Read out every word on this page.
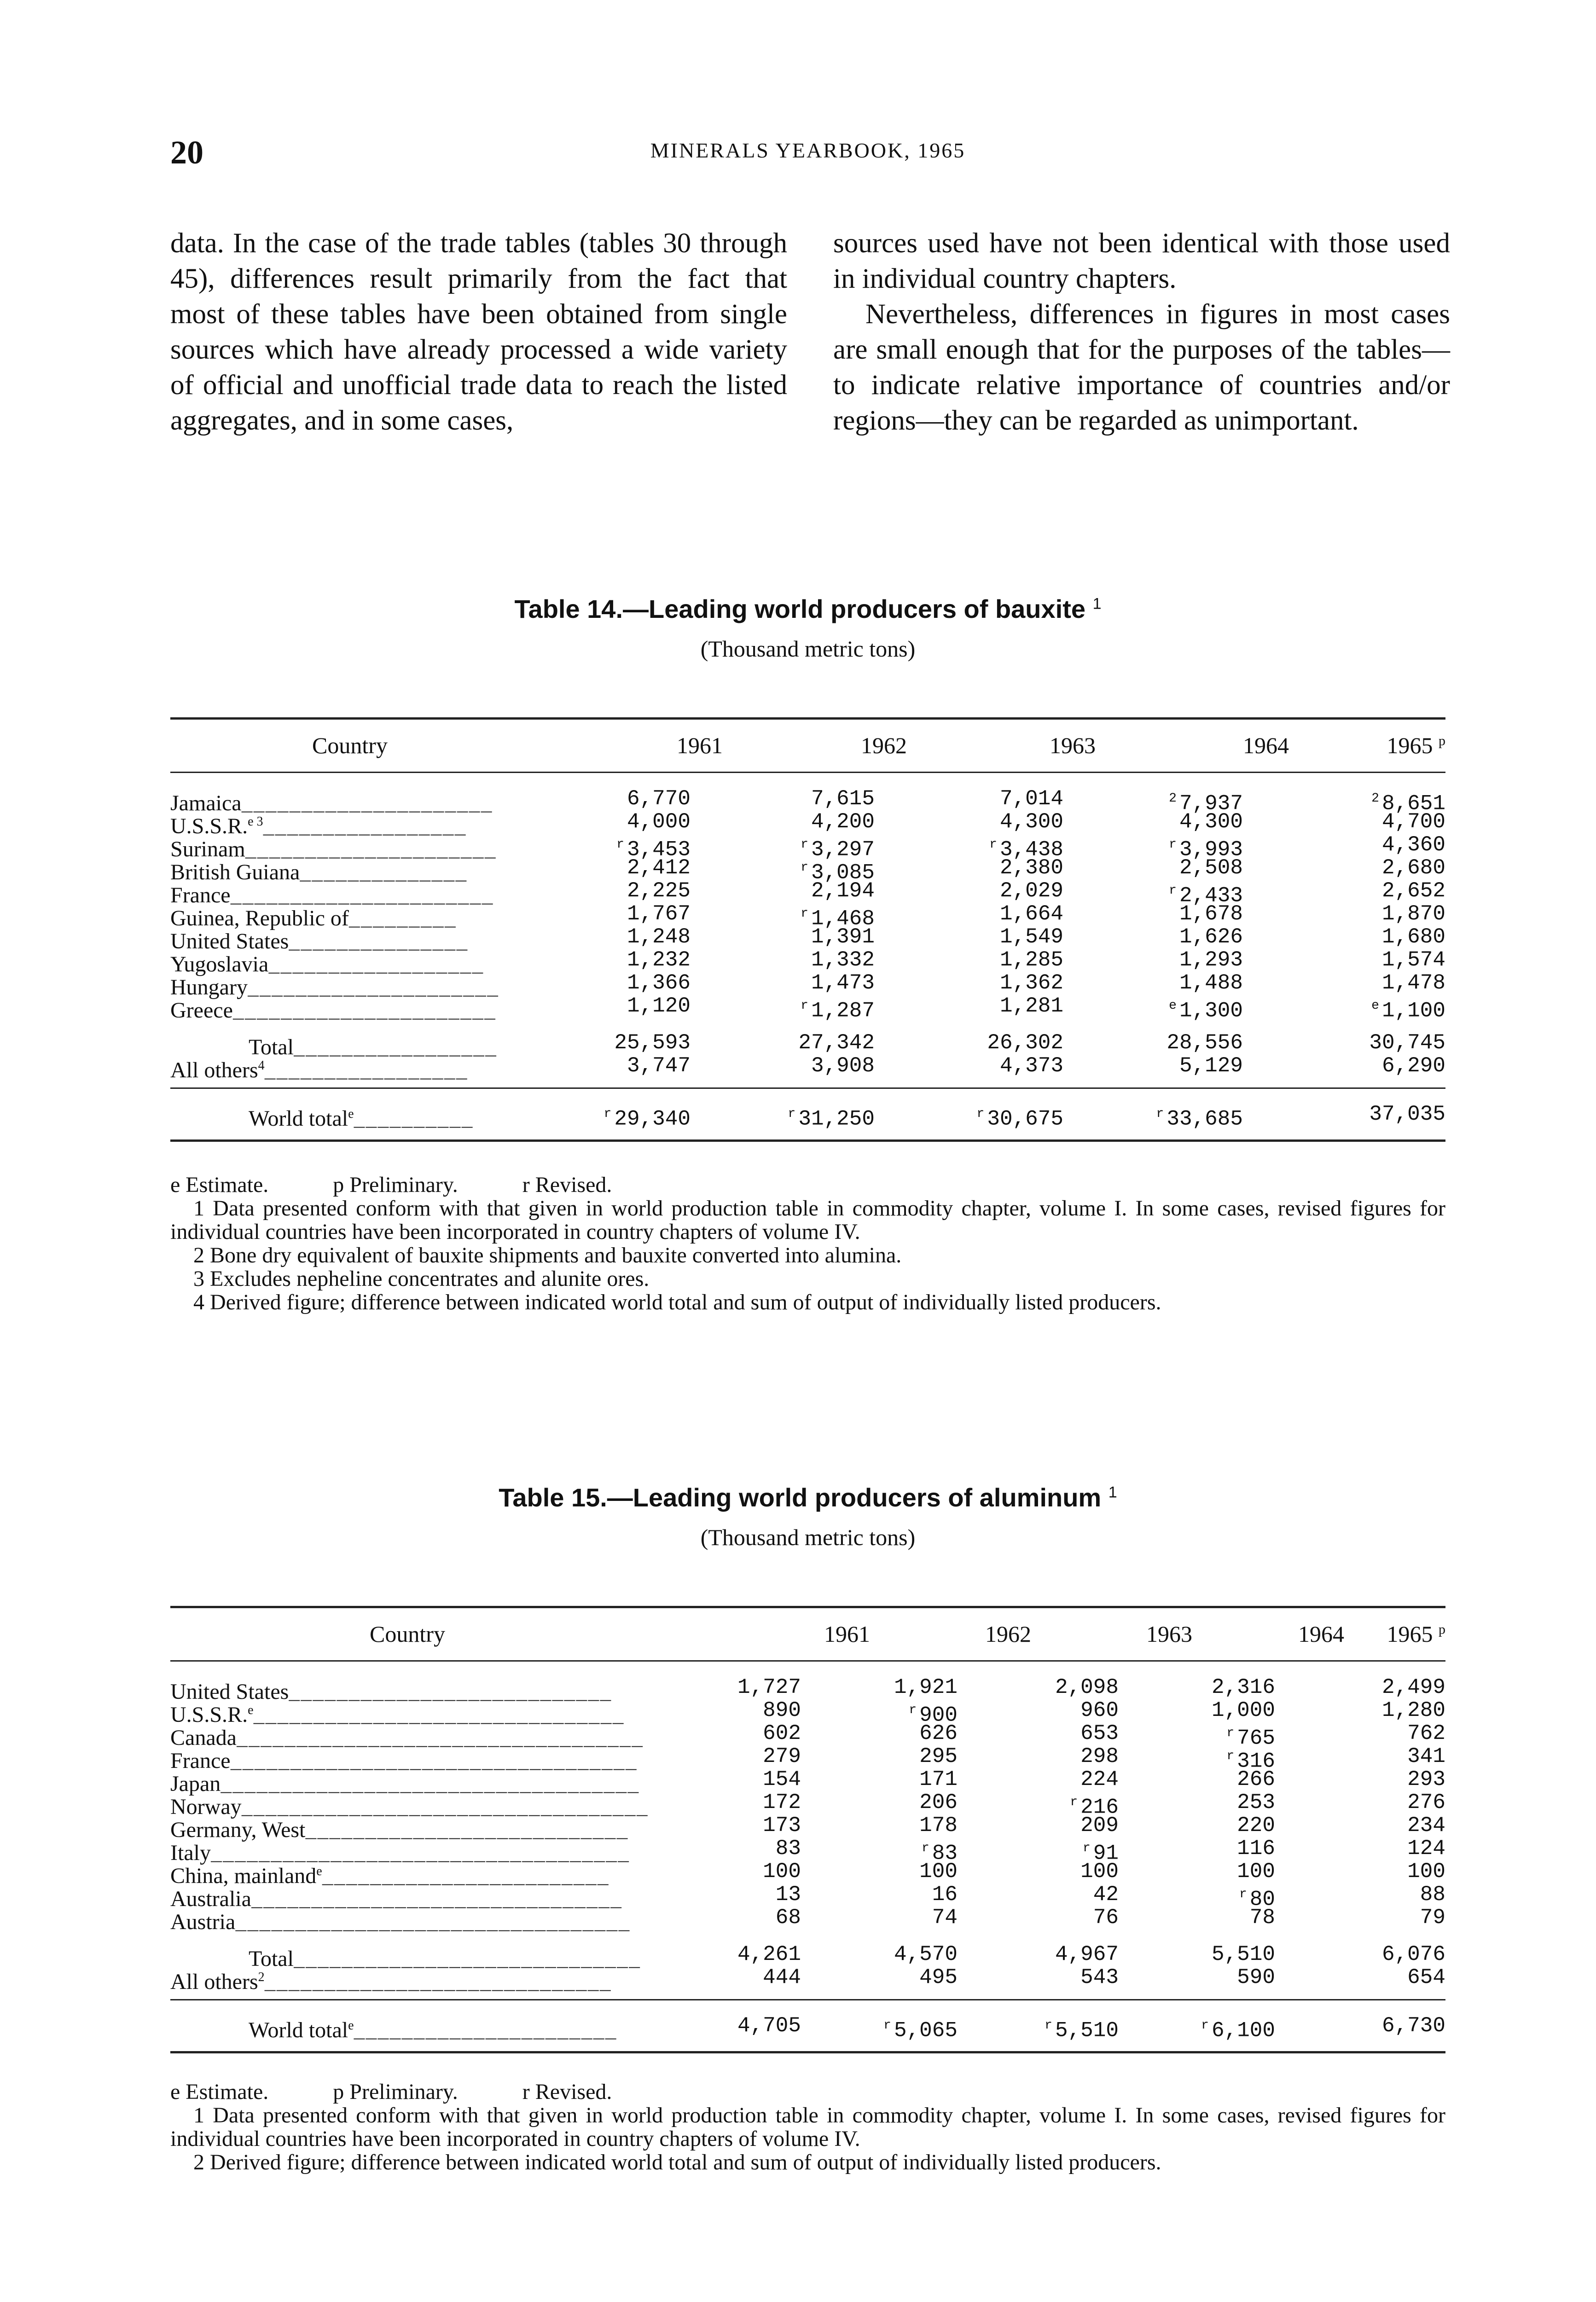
20	MINERALS YEARBOOK, 1965

data. In the case of the trade tables (tables 30 through 45), differences result primarily from the fact that most of these tables have been obtained from single sources which have already processed a wide variety of official and unofficial trade data to reach the listed aggregates, and in some cases,

sources used have not been identical with those used in individual country chapters.

Nevertheless, differences in figures in most cases are small enough that for the purposes of the tables—to indicate relative importance of countries and/or regions—they can be regarded as unimportant.

Table 14.—Leading world producers of bauxite $^1$
(Thousand metric tons)
Country	1961	1962	1963	1964	1965 $^p$
Jamaica_____________________	6,770	7,615	7,014	$^2$ 7,937	$^2$ 8,651
U.S.S.R.$^{e 3}$_________________	4,000	4,200	4,300	4,300	4,700
Surinam_____________________	$^r$ 3,453	$^r$ 3,297	$^r$ 3,438	$^r$ 3,993	4,360
British Guiana______________	2,412	$^r$ 3,085	2,380	2,508	2,680
France______________________	2,225	2,194	2,029	$^r$ 2,433	2,652
Guinea, Republic of_________	1,767	$^r$ 1,468	1,664	1,678	1,870
United States_______________	1,248	1,391	1,549	1,626	1,680
Yugoslavia__________________	1,232	1,332	1,285	1,293	1,574
Hungary_____________________	1,366	1,473	1,362	1,488	1,478
Greece______________________	1,120	$^r$ 1,287	1,281	$^e$ 1,300	$^e$ 1,100
Total_________________	25,593	27,342	26,302	28,556	30,745
All others$^4$_________________	3,747	3,908	4,373	5,129	6,290
World total$^e$__________	$^r$ 29,340	$^r$ 31,250	$^r$ 30,675	$^r$ 33,685	37,035

e Estimate.	p Preliminary.	r Revised.

1 Data presented conform with that given in world production table in commodity chapter, volume I. In some cases, revised figures for individual countries have been incorporated in country chapters of volume IV.

2 Bone dry equivalent of bauxite shipments and bauxite converted into alumina.

3 Excludes nepheline concentrates and alunite ores.

4 Derived figure; difference between indicated world total and sum of output of individually listed producers.

Table 15.—Leading world producers of aluminum $^1$
(Thousand metric tons)
Country	1961	1962	1963	1964	1965 $^p$
United States___________________________	1,727	1,921	2,098	2,316	2,499
U.S.S.R.$^e$_______________________________	890	$^r$ 900	960	1,000	1,280
Canada__________________________________	602	626	653	$^r$ 765	762
France__________________________________	279	295	298	$^r$ 316	341
Japan___________________________________	154	171	224	266	293
Norway__________________________________	172	206	$^r$ 216	253	276
Germany, West___________________________	173	178	209	220	234
Italy___________________________________	83	$^r$ 83	$^r$ 91	116	124
China, mainland$^e$________________________	100	100	100	100	100
Australia_______________________________	13	16	42	$^r$ 80	88
Austria_________________________________	68	74	76	78	79
Total_____________________________	4,261	4,570	4,967	5,510	6,076
All others$^2$_____________________________	444	495	543	590	654
World total$^e$______________________	4,705	$^r$ 5,065	$^r$ 5,510	$^r$ 6,100	6,730

e Estimate.	p Preliminary.	r Revised.

1 Data presented conform with that given in world production table in commodity chapter, volume I. In some cases, revised figures for individual countries have been incorporated in country chapters of volume IV.

2 Derived figure; difference between indicated world total and sum of output of individually listed producers.
